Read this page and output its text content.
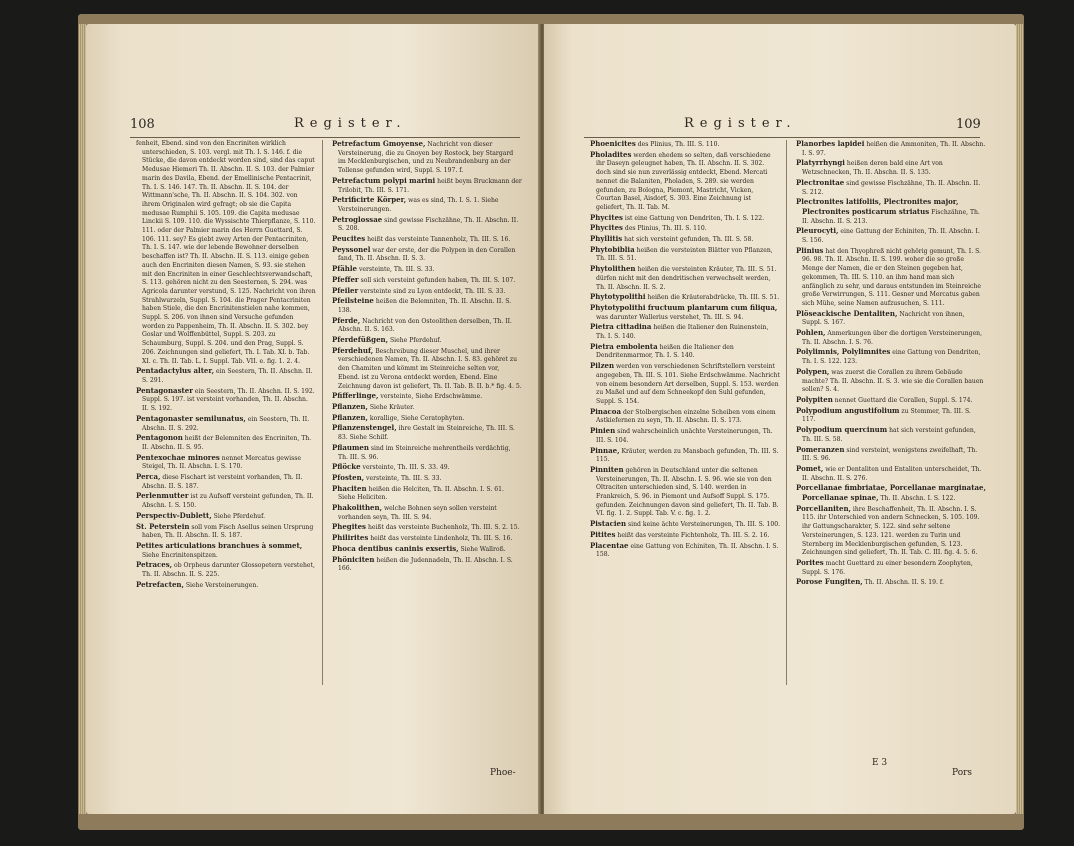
108	Register.

fenheit, Ebend. sind von den Encriniten wirklich unterschieden, S. 103. vergl. mit Th. I. S. 146. f. die Stücke, die davon entdeckt worden sind, sind das caput Medusae Hiemeri Th. II. Abschn. II. S. 103. der Palmier marin des Davila, Ebend. der Emellinische Pentacrinit, Th. I. S. 146. 147. Th. II. Abschn. II. S. 104. der Wittmann'sche, Th. II. Abschn. II. S. 104. 302. von ihrem Originalen wird gefragt; ob sie die Capita medusae Rumphii S. 105. 109. die Capita medusae Linckii S. 109. 110. die Wyssischte Thierpflanze, S. 110. 111. oder der Palmier marin des Herrn Guettard, S. 106. 111. sey? Es giebt zwey Arten der Pentacriniten, Th. I. S. 147. wie der lebende Bewohner derselben beschaffen ist? Th. II. Abschn. II. S. 113. einige geben auch den Encriniten diesen Namen, S. 93. sie stehen mit den Encriniten in einer Geschlechtsverwandschaft, S. 113. gehören nicht zu den Seesternen, S. 294. was Agricola darunter verstund, S. 125. Nachricht von ihren Strahlwurzeln, Suppl. S. 104. die Prager Pentacriniten haben Stiele, die den Encrinitenstielen nahe kommen, Suppl. S. 206. von ihnen sind Versuche gefunden worden zu Pappenheim, Th. II. Abschn. II. S. 302. bey Goslar und Wolffenbüttel, Suppl. S. 203. zu Schaumburg, Suppl. S. 204. und den Prag, Suppl. S. 206. Zeichnungen sind geliefert, Th. I. Tab. XI. b. Tab. XI. c. Th. II. Tab. L. I. Suppl. Tab. VII. e. fig. 1. 2. 4.

Pentadactylus alter, ein Seestern, Th. II. Abschn. II. S. 291.

Pentagonaster ein Seestern, Th. II. Abschn. II. S. 192. Suppl. S. 197. ist versteint vorhanden, Th. II. Abschn. II. S. 192.

Pentagonaster semilunatus, ein Seestern, Th. II. Abschn. II. S. 292.

Pentagonon heißt der Belemniten des Encriniten, Th. II. Abschn. II. S. 95.

Pentexochae minores nennet Mercatus gewisse Steigel, Th. II. Abschn. I. S. 170.

Perca, diese Fischart ist versteint vorhanden, Th. II. Abschn. II. S. 187.

Perlenmutter ist zu Aufsoff versteint gefunden, Th. II. Abschn. I. S. 150.

Perspectiv-Dublett, Siehe Pferdehuf.

St. Peterstein soll vom Fisch Asellus seinen Ursprung haben, Th. II. Abschn. II. S. 187.

Petites articulations branchues à sommet, Siehe Encrinitenspitzen.

Petraces, ob Orpheus darunter Glossopetern verstehet, Th. II. Abschn. II. S. 225.

Petrefacten, Siehe Versteinerungen.

Petrefactum Gmoyense, Nachricht von dieser Versteinerung, die zu Gnoyen bey Rostock, bey Stargard im Mecklenburgischen, und zu Neubrandenburg an der Tollense gefunden wird, Suppl. S. 197. f.

Petrefactum polypi marini heißt beym Bruckmann der Trilobit, Th. III. S. 171.

Petrificirte Körper, was es sind, Th. I. S. 1. Siehe Versteinerungen.

Petroglossae sind gewisse Fischzähne, Th. II. Abschn. II. S. 208.

Peucites heißt das versteinte Tannenholz, Th. III. S. 16.

Peyssonel war der erste, der die Polypen in den Corallen fand, Th. II. Abschn. II. S. 3.

Pfähle versteinte, Th. III. S. 33.

Pfeffer soll sich versteint gefunden haben, Th. III. S. 107.

Pfeiler versteinte sind zu Lyon entdeckt, Th. III. S. 33.

Pfeilsteine heißen die Belemniten, Th. II. Abschn. II. S. 138.

Pferde, Nachricht von den Osteolithen derselben, Th. II. Abschn. II. S. 163.

Pferdefüßgen, Siehe Pferdehuf.

Pferdehuf, Beschreibung dieser Muschel, und ihrer verschiedenen Namen, Th. II. Abschn. I. S. 83. gehöret zu den Chamiten und kömmt im Steinreiche selten vor, Ebend. ist zu Verona entdeckt worden, Ebend. Eine Zeichnung davon ist geliefert, Th. II. Tab. B. II. b.* fig. 4. 5.

Pfifferlinge, versteinte, Siehe Erdschwämme.

Pflanzen, Siehe Kräuter.

Pflanzen, korallige, Siehe Ceratophyten.

Pflanzenstengel, ihre Gestalt im Steinreiche, Th. III. S. 83. Siehe Schilf.

Pflaumen sind im Steinreiche mehrentheils verdächtig, Th. III. S. 96.

Pflöcke versteinte, Th. III. S. 33. 49.

Pfosten, versteinte, Th. III. S. 33.

Phaciten heißen die Helciten, Th. II. Abschn. I. S. 61. Siehe Heliciten.

Phakolithen, welche Bohnen seyn sollen versteint vorhanden seyn, Th. III. S. 94.

Phegites heißt das versteinte Buchenholz, Th. III. S. 2. 15.

Philirites heißt das versteinte Lindenholz, Th. III. S. 16.

Phoca dentibus caninis exsertis, Siehe Wallroß.

Phöniciten heißen die Judennadeln, Th. II. Abschn. I. S. 166.

Phoe-
Register.	109

Phoenicites des Plinius, Th. III. S. 110.

Pholadites werden ehedem so selten, daß verschiedene ihr Daseyn geleugnet haben, Th. II. Abschn. II. S. 302. doch sind sie nun zuverlässig entdeckt, Ebend. Mercati nennet die Balaniten, Pholaden, S. 289. sie werden gefunden, zu Bologna, Piemont, Mastricht, Vicken, Courtan Basel, Aisdorf, S. 303. Eine Zeichnung ist geliefert, Th. II. Tab. M.

Phycites ist eine Gattung von Dendriten, Th. I. S. 122.

Phycites des Plinius, Th. III. S. 110.

Phyllitis hat sich versteint gefunden, Th. III. S. 58.

Phytobiblia heißen die versteinten Blätter von Pflanzen, Th. III. S. 51.

Phytolithen heißen die versteinten Kräuter, Th. III. S. 51. dürfen nicht mit den dendritischen verwechselt werden, Th. II. Abschn. II. S. 2.

Phytotypolithi heißen die Kräuterabdrücke, Th. III. S. 51.

Phytotypolithi fructuum plantarum cum filiqua, was darunter Wallerius verstehet, Th. III. S. 94.

Pietra cittadina heißen die Italiener den Ruinenstein, Th. I. S. 140.

Pietra embolenta heißen die Italiener den Dendritenmarmor, Th. I. S. 140.

Pilzen werden von verschiedenen Schriftstellern versteint angegeben, Th. III. S. 101. Siehe Erdschwämme. Nachricht von einem besondern Art derselben, Suppl. S. 153. werden zu Maßel und auf dem Schneekopf den Suhl gefunden, Suppl. S. 154.

Pinacoa der Stolbergischen einzelne Scheiben vom einem Astkiefernen zu seyn, Th. II. Abschn. II. S. 173.

Pinien sind wahrscheinlich unächte Versteinerungen, Th. III. S. 104.

Pinnae, Kräuter, werden zu Mansbach gefunden, Th. III. S. 115.

Pinniten gehören in Deutschland unter die seltenen Versteinerungen, Th. II. Abschn. I. S. 96. wie sie von den Oltraciten unterschieden sind, S. 140. werden in Frankreich, S. 96. in Piemont und Aufsoff Suppl. S. 175. gefunden. Zeichnungen davon sind geliefert, Th. II. Tab. B. VI. fig. 1. 2. Suppl. Tab. V. c. fig. 1. 2.

Pistacien sind keine ächte Versteinerungen, Th. III. S. 100.

Pitites heißt das versteinte Fichtenholz, Th. III. S. 2. 16.

Placentae eine Gattung von Echiniten, Th. II. Abschn. I. S. 158.

Planorbes lapidei heißen die Ammoniten, Th. II. Abschn. I. S. 97.

Platyrrhyngi heißen deren bald eine Art von Wetzschnecken, Th. II. Abschn. II. S. 135.

Plectronitae sind gewisse Fischzähne, Th. II. Abschn. II. S. 212.

Plectronites latifoliis, Plectronites major, Plectronites posticarum striatus Fischzähne, Th. II. Abschn. II. S. 213.

Pleurocyti, eine Gattung der Echiniten, Th. II. Abschn. I. S. 156.

Plinius hat den Thyophreß nicht gehörig gemunt, Th. I. S. 96. 98. Th. II. Abschn. II. S. 199. woher die so große Menge der Namen, die er den Steinen gegeben hat, gekommen, Th. III. S. 110. an ihm hand man sich anfänglich zu sehr, und daraus entstunden im Steinreiche große Verwirrungen, S. 111. Gesner und Mercatus gaben sich Mühe, seine Namen aufzusuchen, S. 111.

Plöseackische Dentaliten, Nachricht von ihnen, Suppl. S. 167.

Pohlen, Anmerkungen über die dortigen Versteinerungen, Th. II. Abschn. I. S. 76.

Polylimnis, Polylimnites eine Gattung von Dendriten, Th. I. S. 122. 123.

Polypen, was zuerst die Corallen zu ihrem Gebäude machte? Th. II. Abschn. II. S. 3. wie sie die Corallen bauen sollen? S. 4.

Polypiten nennet Guettard die Corallen, Suppl. S. 174.

Polypodium angustifolium zu Stemmer, Th. III. S. 117.

Polypodium quercinum hat sich versteint gefunden, Th. III. S. 58.

Pomeranzen sind versteint, wenigstens zweifelhaft, Th. III. S. 96.

Pomet, wie er Dentaliten und Entaliten unterscheidet, Th. II. Abschn. II. S. 276.

Porcellanae fimbriatae, Porcellanae marginatae, Porcellanae spinae, Th. II. Abschn. I. S. 122.

Porcellaniten, ihre Beschaffenheit, Th. II. Abschn. I. S. 115. ihr Unterschied von andern Schnecken, S. 105. 109. ihr Gattungscharakter, S. 122. sind sehr seltene Versteinerungen, S. 123. 121. werden zu Turin und Sternberg im Mecklenburgischen gefunden, S. 123. Zeichnungen sind geliefert, Th. II. Tab. C. III. fig. 4. 5. 6.

Porites macht Guettard zu einer besondern Zoophyten, Suppl. S. 176.

Porose Fungiten, Th. II. Abschn. II. S. 19. f.

E 3
Pors
